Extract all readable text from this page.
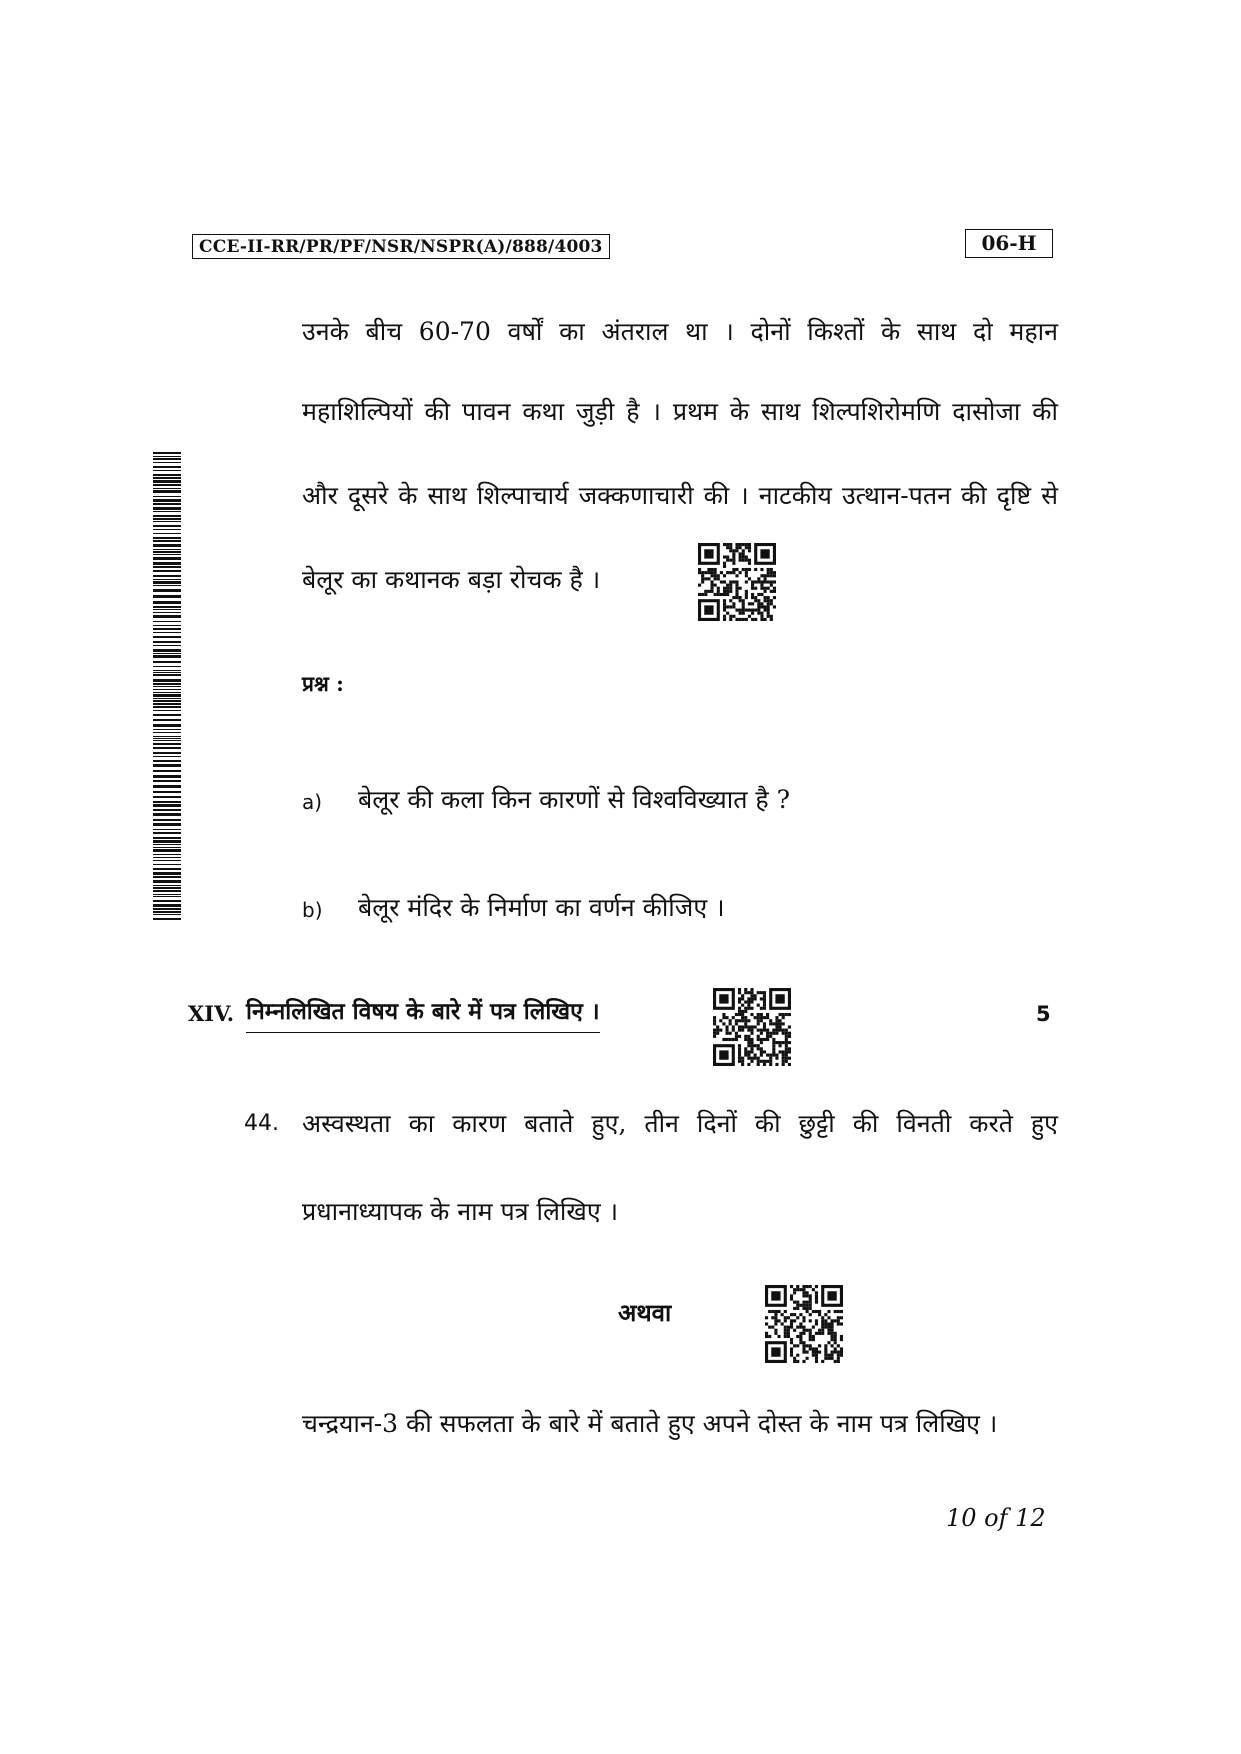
CCE-II-RR/PR/PF/NSR/NSPR(A)/888/4003	06-H
उनके बीच 60-70 वर्षों का अंतराल था । दोनों किश्तों के साथ दो महान
महाशिल्पियों की पावन कथा जुड़ी है । प्रथम के साथ शिल्पशिरोमणि दासोजा की
और दूसरे के साथ शिल्पाचार्य जक्कणाचारी की । नाटकीय उत्थान-पतन की दृष्टि से
बेलूर का कथानक बड़ा रोचक है ।
प्रश्न :
a) बेलूर की कला किन कारणों से विश्वविख्यात है ?
b) बेलूर मंदिर के निर्माण का वर्णन कीजिए ।
XIV. निम्नलिखित विषय के बारे में पत्र लिखिए ।	5
44. अस्वस्थता का कारण बताते हुए, तीन दिनों की छुट्टी की विनती करते हुए
प्रधानाध्यापक के नाम पत्र लिखिए ।
अथवा
चन्द्रयान-3 की सफलता के बारे में बताते हुए अपने दोस्त के नाम पत्र लिखिए ।
10 of 12
